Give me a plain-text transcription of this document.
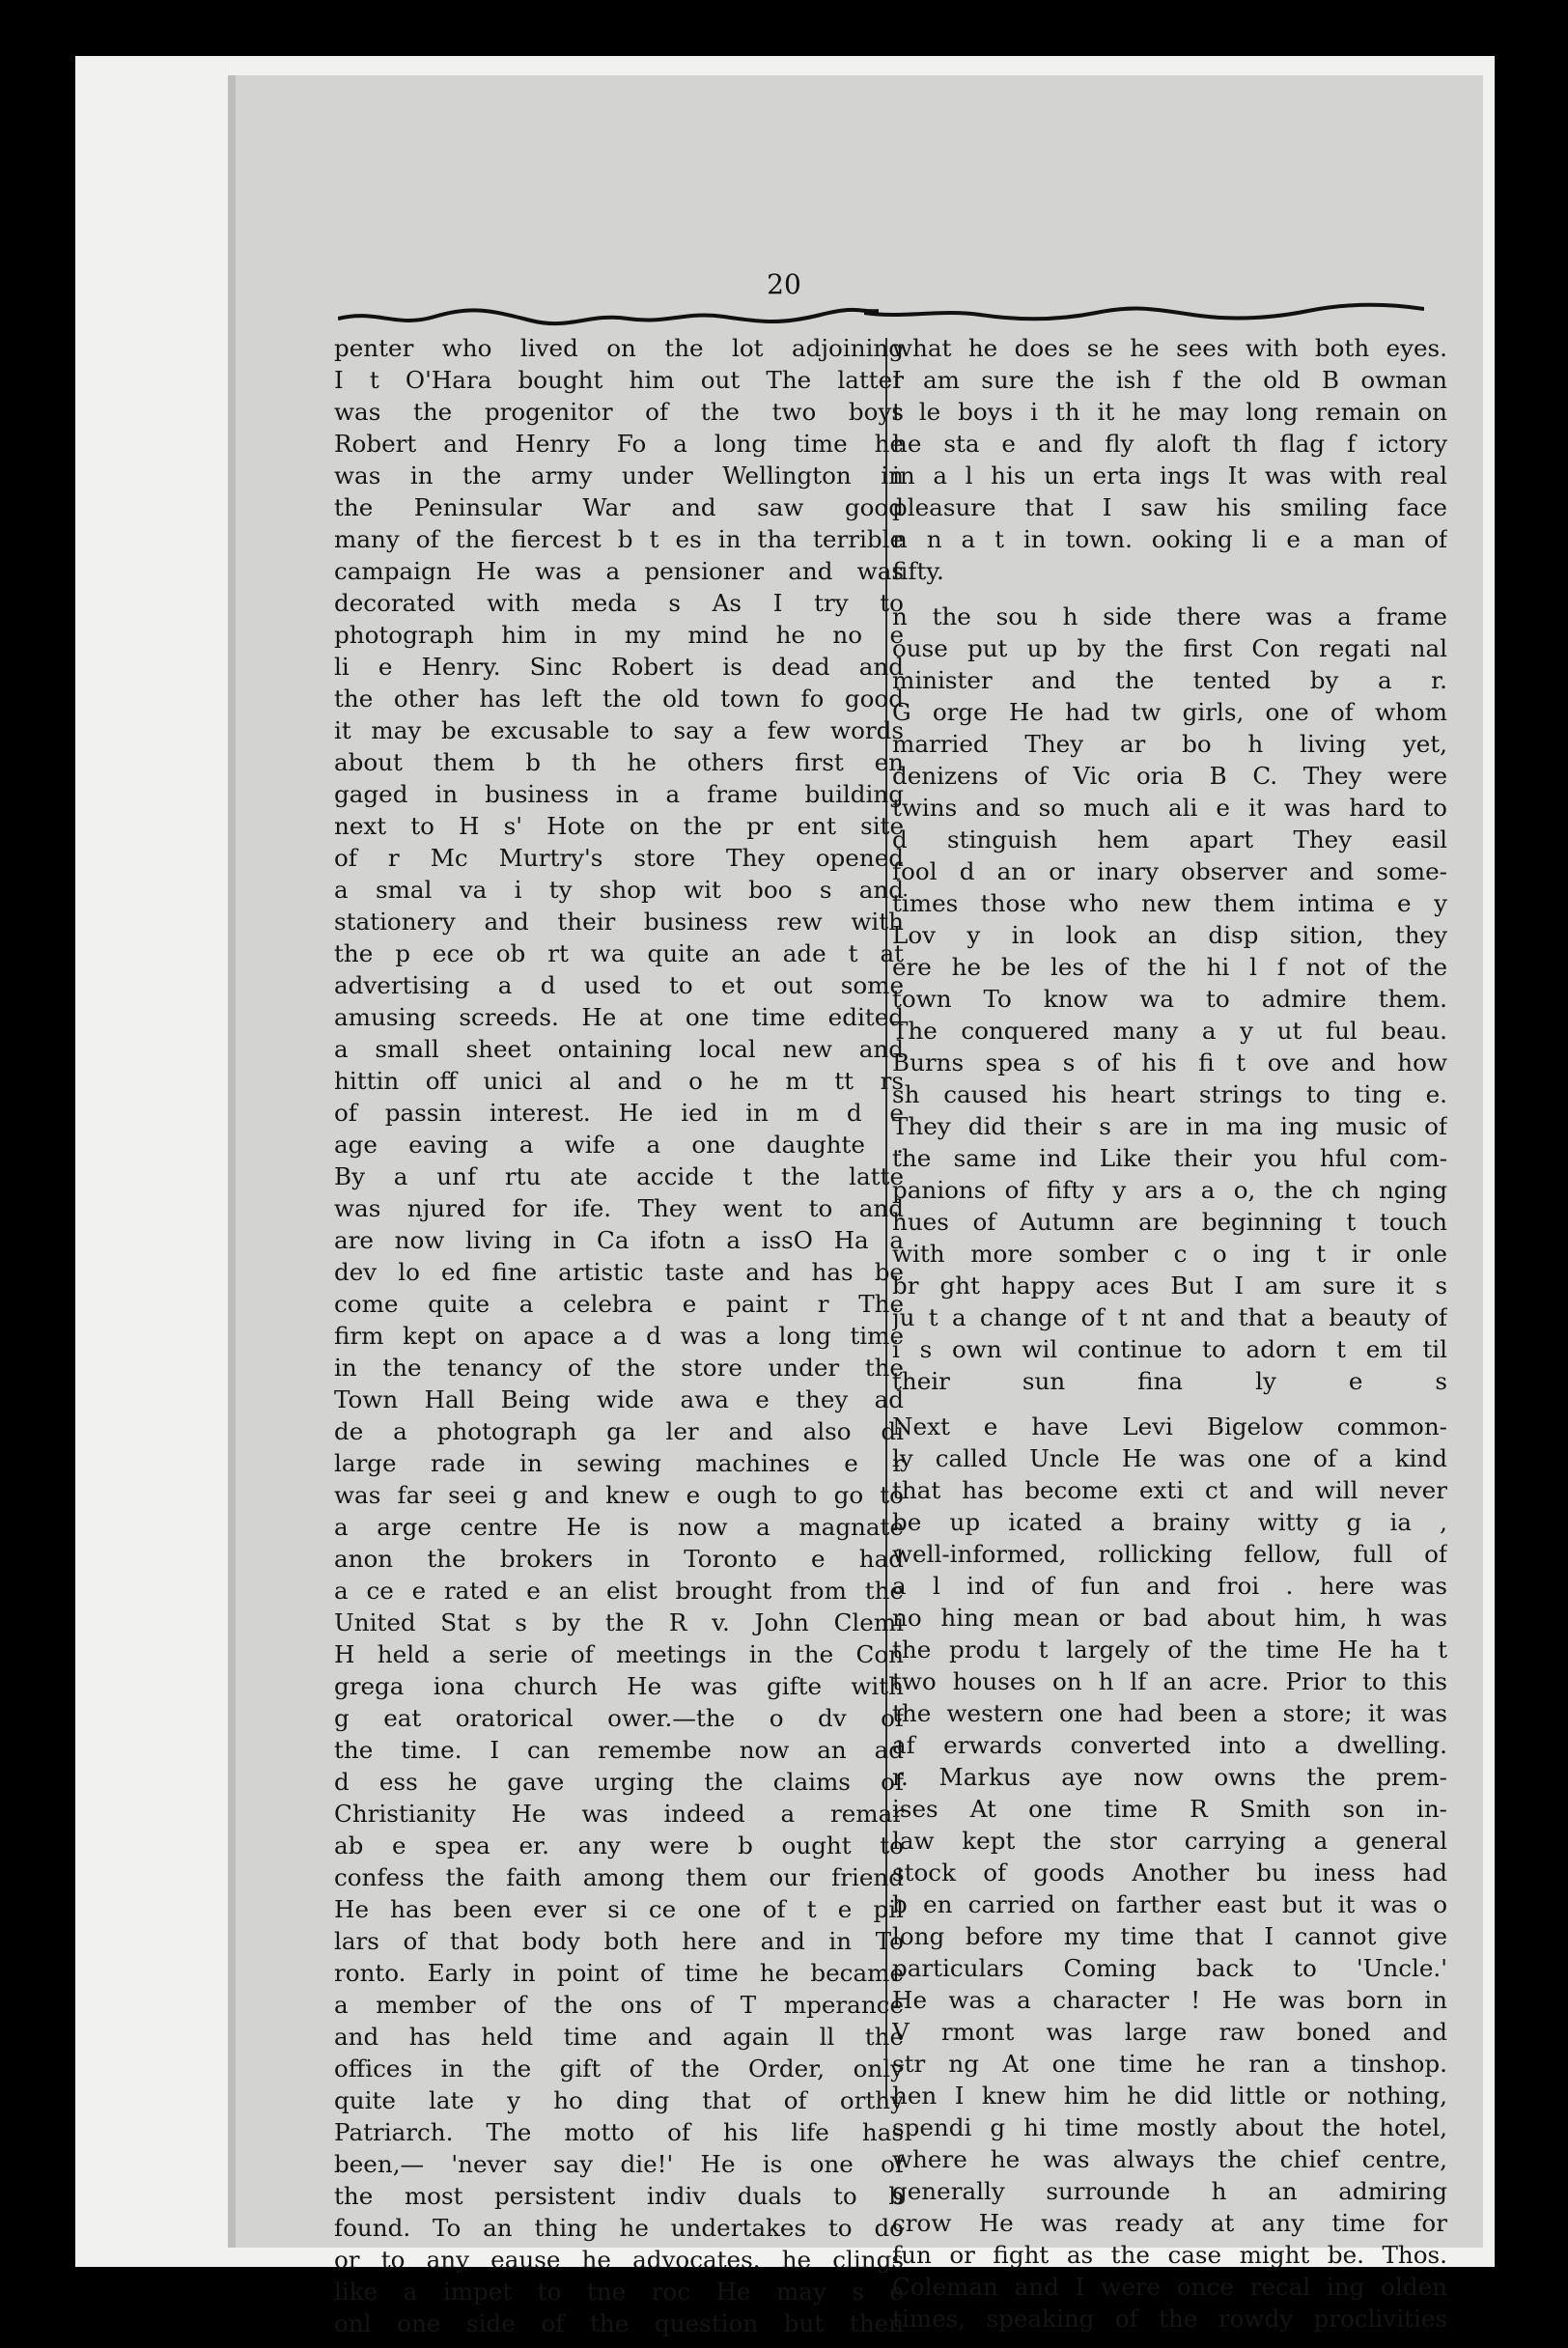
20
penter who lived on the lot adjoining
I t O'Hara bought him out The latter
was the progenitor of the two boys
Robert and Henry Fo a long time he
was in the army under Wellington in
the Peninsular War and saw good
many of the fiercest b t es in tha terrible
campaign He was a pensioner and was
decorated with meda s As I try to
photograph him in my mind he no e
li e Henry. Sinc Robert is dead and
the other has left the old town fo good
it may be excusable to say a few words
about them b th he others first en
gaged in business in a frame building
next to H s' Hote on the pr ent site
of r Mc Murtry's store They opened
a smal va i ty shop wit boo s and
stationery and their business rew with
the p ece ob rt wa quite an ade t at
advertising a d used to et out some
amusing screeds. He at one time edited
a small sheet ontaining local new and
hittin off unici al and o he m tt rs
of passin interest. He ied in m d e
age eaving a wife a one daughte .
By a unf rtu ate accide t the latte
was njured for ife. They went to and
are now living in Ca ifotn a issO Ha a
dev lo ed fine artistic taste and has be
come quite a celebra e paint r The
firm kept on apace a d was a long time
in the tenancy of the store under the
Town Hall Being wide awa e they ad
de a photograph ga ler and also di
large rade in sewing machines e r
was far seei g and knew e ough to go to
a arge centre He is now a magnate
anon the brokers in Toronto e had
a ce e rated e an elist brought from the
United Stat s by the R v. John Clemi
H held a serie of meetings in the Con
grega iona church He was gifte with
g eat oratorical ower.—the o dv of
the time. I can remembe now an ad
d ess he gave urging the claims of
Christianity He was indeed a remar
ab e spea er. any were b ought to
confess the faith among them our friend
He has been ever si ce one of t e pil
lars of that body both here and in To
ronto. Early in point of time he became
a member of the ons of T mperance
and has held time and again ll the
offices in the gift of the Order, only
quite late y ho ding that of orthy
Patriarch. The motto of his life has
been,— 'never say die!' He is one of
the most persistent indiv duals to b
found. To an thing he undertakes to do
or to any eause he advocates. he clings
like a impet to tne roc He may s e
onl one side of the question but then
what he does se he sees with both eyes.
I am sure the ish f the old B owman
t le boys i th it he may long remain on
he sta e and fly aloft th flag f ictory
in a l his un erta ings It was with real
pleasure that I saw his smiling face
n n a t in town. ooking li e a man of
fifty.
n the sou h side there was a frame
ouse put up by the first Con regati nal
minister and the tented by a r.
G orge He had tw girls, one of whom
married They ar bo h living yet,
denizens of Vic oria B C. They were
twins and so much ali e it was hard to
d stinguish hem apart They easil
fool d an or inary observer and some-
times those who new them intima e y
Lov y in look an disp sition, they
ere he be les of the hi l f not of the
town To know wa to admire them.
The conquered many a y ut ful beau.
Burns spea s of his fi t ove and how
sh caused his heart strings to ting e.
They did their s are in ma ing music of
the same ind Like their you hful com-
panions of fifty y ars a o, the ch nging
hues of Autumn are beginning t touch
with more somber c o ing t ir onle
br ght happy aces But I am sure it s
ju t a change of t nt and that a beauty of
i s own wil continue to adorn t em til
their sun fina ly e s
Next e have Levi Bigelow common-
ly called Uncle He was one of a kind
that has become exti ct and will never
be up icated a brainy witty g ia ,
well-informed, rollicking fellow, full of
a l ind of fun and froi . here was
no hing mean or bad about him, h was
the produ t largely of the time He ha t
two houses on h lf an acre. Prior to this
the western one had been a store; it was
af erwards converted into a dwelling.
r. Markus aye now owns the prem-
ises At one time R Smith son in-
law kept the stor carrying a general
stock of goods Another bu iness had
b en carried on farther east but it was o
long before my time that I cannot give
particulars Coming back to 'Uncle.'
He was a character ! He was born in
V rmont was large raw boned and
str ng At one time he ran a tinshop.
hen I knew him he did little or nothing,
spendi g hi time mostly about the hotel,
where he was always the chief centre,
generally surrounde h an admiring
crow He was ready at any time for
fun or fight as the case might be. Thos.
Coleman and I were once recal ing olden
times, speaking of the rowdy proclivities
